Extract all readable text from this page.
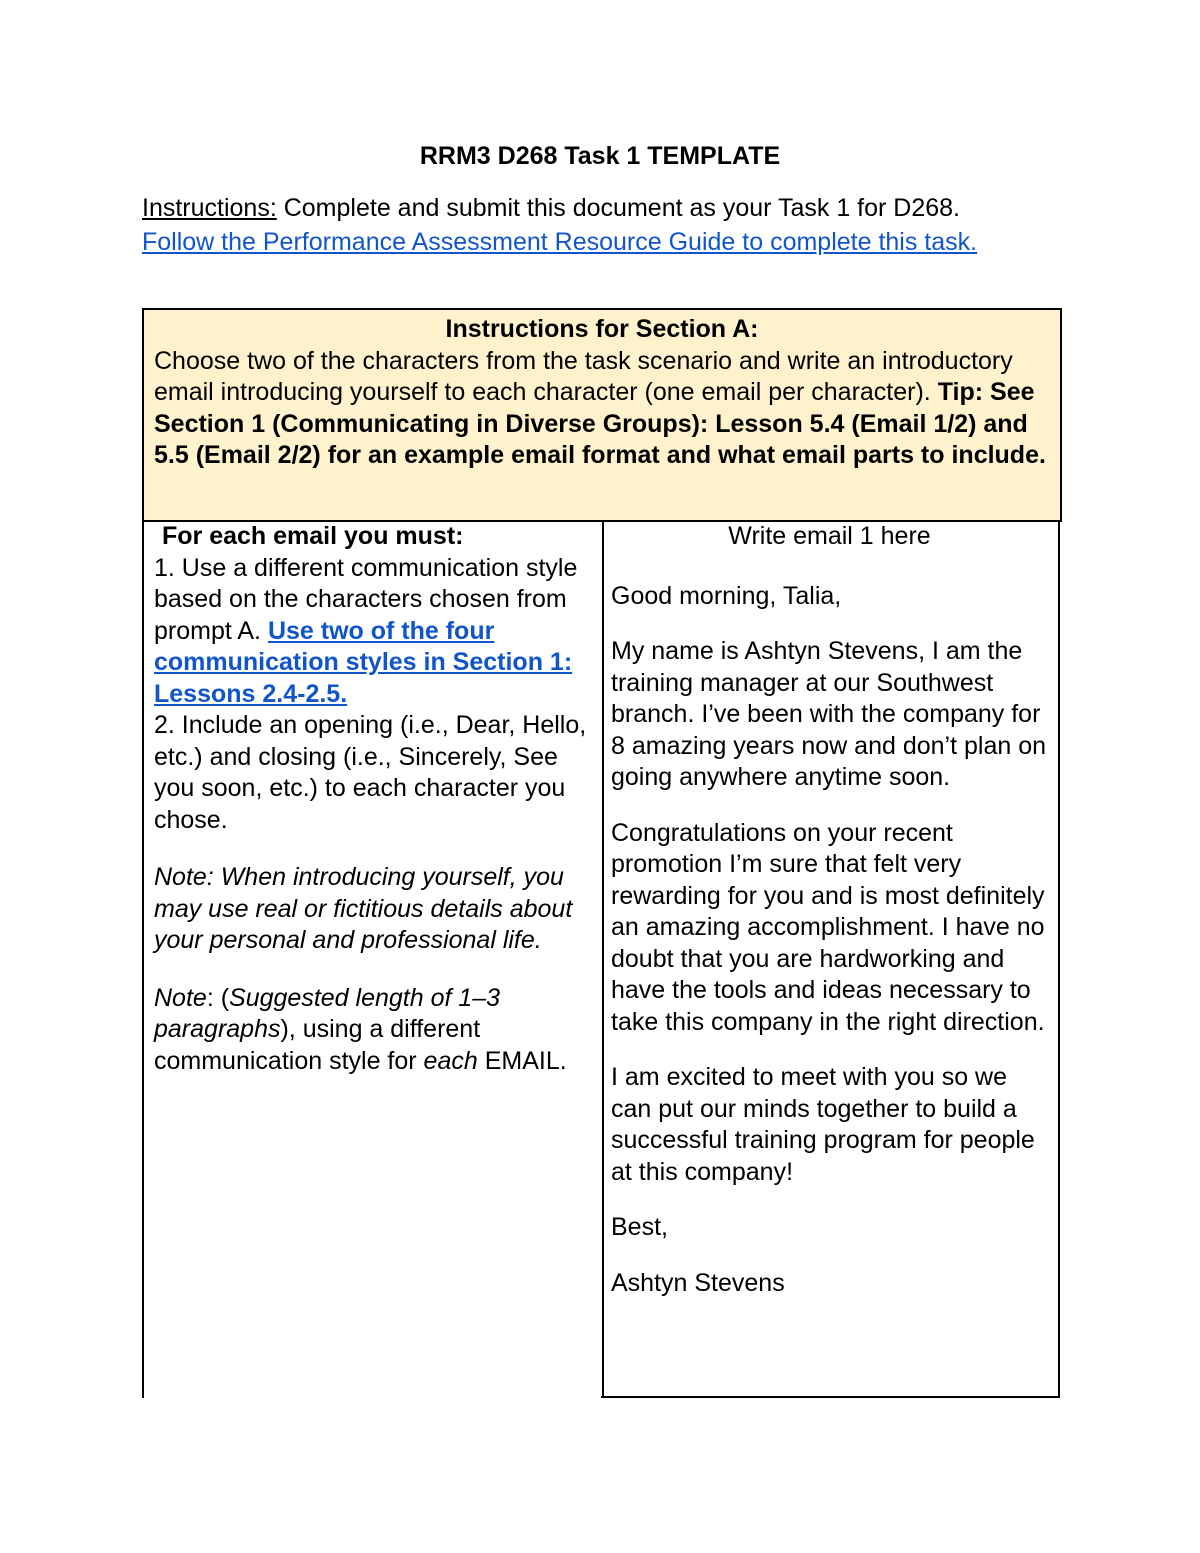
RRM3 D268 Task 1 TEMPLATE
Instructions: Complete and submit this document as your Task 1 for D268.
Follow the Performance Assessment Resource Guide to complete this task.
Instructions for Section A:

Choose two of the characters from the task scenario and write an introductory email introducing yourself to each character (one email per character). Tip: See Section 1 (Communicating in Diverse Groups): Lesson 5.4 (Email 1/2) and 5.5 (Email 2/2) for an example email format and what email parts to include.

For each email you must:

1. Use a different communication style based on the characters chosen from prompt A. Use two of the four communication styles in Section 1: Lessons 2.4-2.5.

2. Include an opening (i.e., Dear, Hello, etc.) and closing (i.e., Sincerely, See you soon, etc.) to each character you chose.

Note: When introducing yourself, you may use real or fictitious details about your personal and professional life.

Note: (Suggested length of 1–3 paragraphs), using a different communication style for each EMAIL.

Write email 1 here

Good morning, Talia,

My name is Ashtyn Stevens, I am the training manager at our Southwest branch. I’ve been with the company for 8 amazing years now and don’t plan on going anywhere anytime soon.

Congratulations on your recent promotion I’m sure that felt very rewarding for you and is most definitely an amazing accomplishment. I have no doubt that you are hardworking and have the tools and ideas necessary to take this company in the right direction.

I am excited to meet with you so we can put our minds together to build a successful training program for people at this company!

Best,

Ashtyn Stevens
